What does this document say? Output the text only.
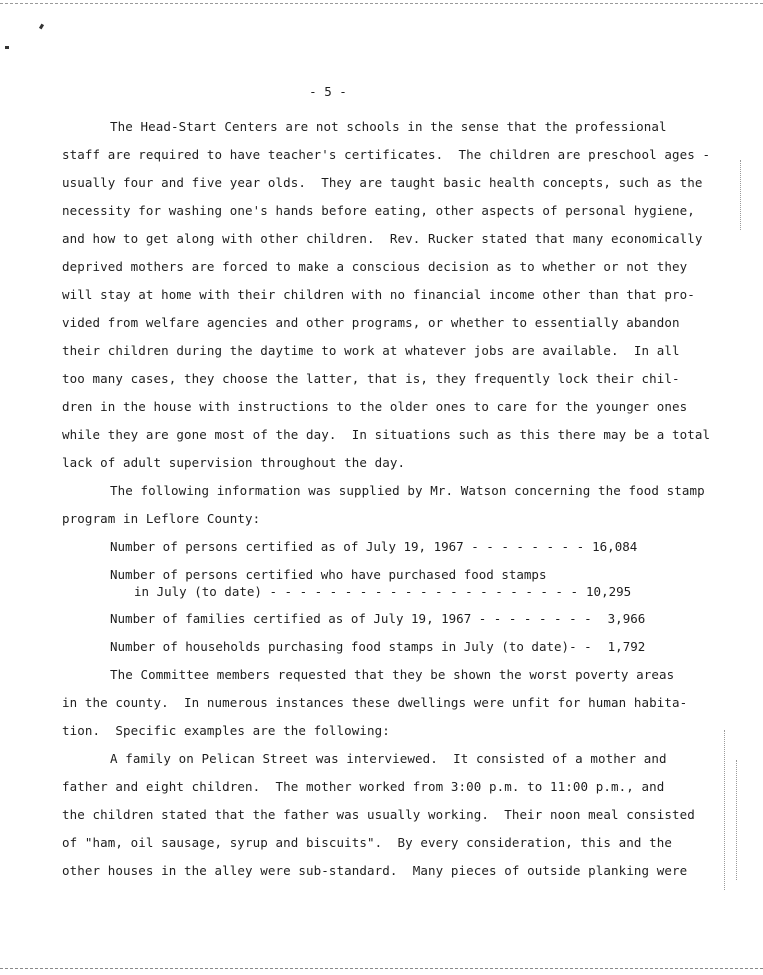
- 5 -
The Head-Start Centers are not schools in the sense that the professional
staff are required to have teacher's certificates.  The children are preschool ages -
usually four and five year olds.  They are taught basic health concepts, such as the
necessity for washing one's hands before eating, other aspects of personal hygiene,
and how to get along with other children.  Rev. Rucker stated that many economically
deprived mothers are forced to make a conscious decision as to whether or not they
will stay at home with their children with no financial income other than that pro-
vided from welfare agencies and other programs, or whether to essentially abandon
their children during the daytime to work at whatever jobs are available.  In all
too many cases, they choose the latter, that is, they frequently lock their chil-
dren in the house with instructions to the older ones to care for the younger ones
while they are gone most of the day.  In situations such as this there may be a total
lack of adult supervision throughout the day.
The following information was supplied by Mr. Watson concerning the food stamp
program in Leflore County:
Number of persons certified as of July 19, 1967 - - - - - - - - 16,084
Number of persons certified who have purchased food stamps
in July (to date) - - - - - - - - - - - - - - - - - - - - - 10,295
Number of families certified as of July 19, 1967 - - - - - - - - 3,966
Number of households purchasing food stamps in July (to date)- - 1,792
The Committee members requested that they be shown the worst poverty areas
in the county.  In numerous instances these dwellings were unfit for human habita-
tion.  Specific examples are the following:
A family on Pelican Street was interviewed.  It consisted of a mother and
father and eight children.  The mother worked from 3:00 p.m. to 11:00 p.m., and
the children stated that the father was usually working.  Their noon meal consisted
of "ham, oil sausage, syrup and biscuits".  By every consideration, this and the
other houses in the alley were sub-standard.  Many pieces of outside planking were
